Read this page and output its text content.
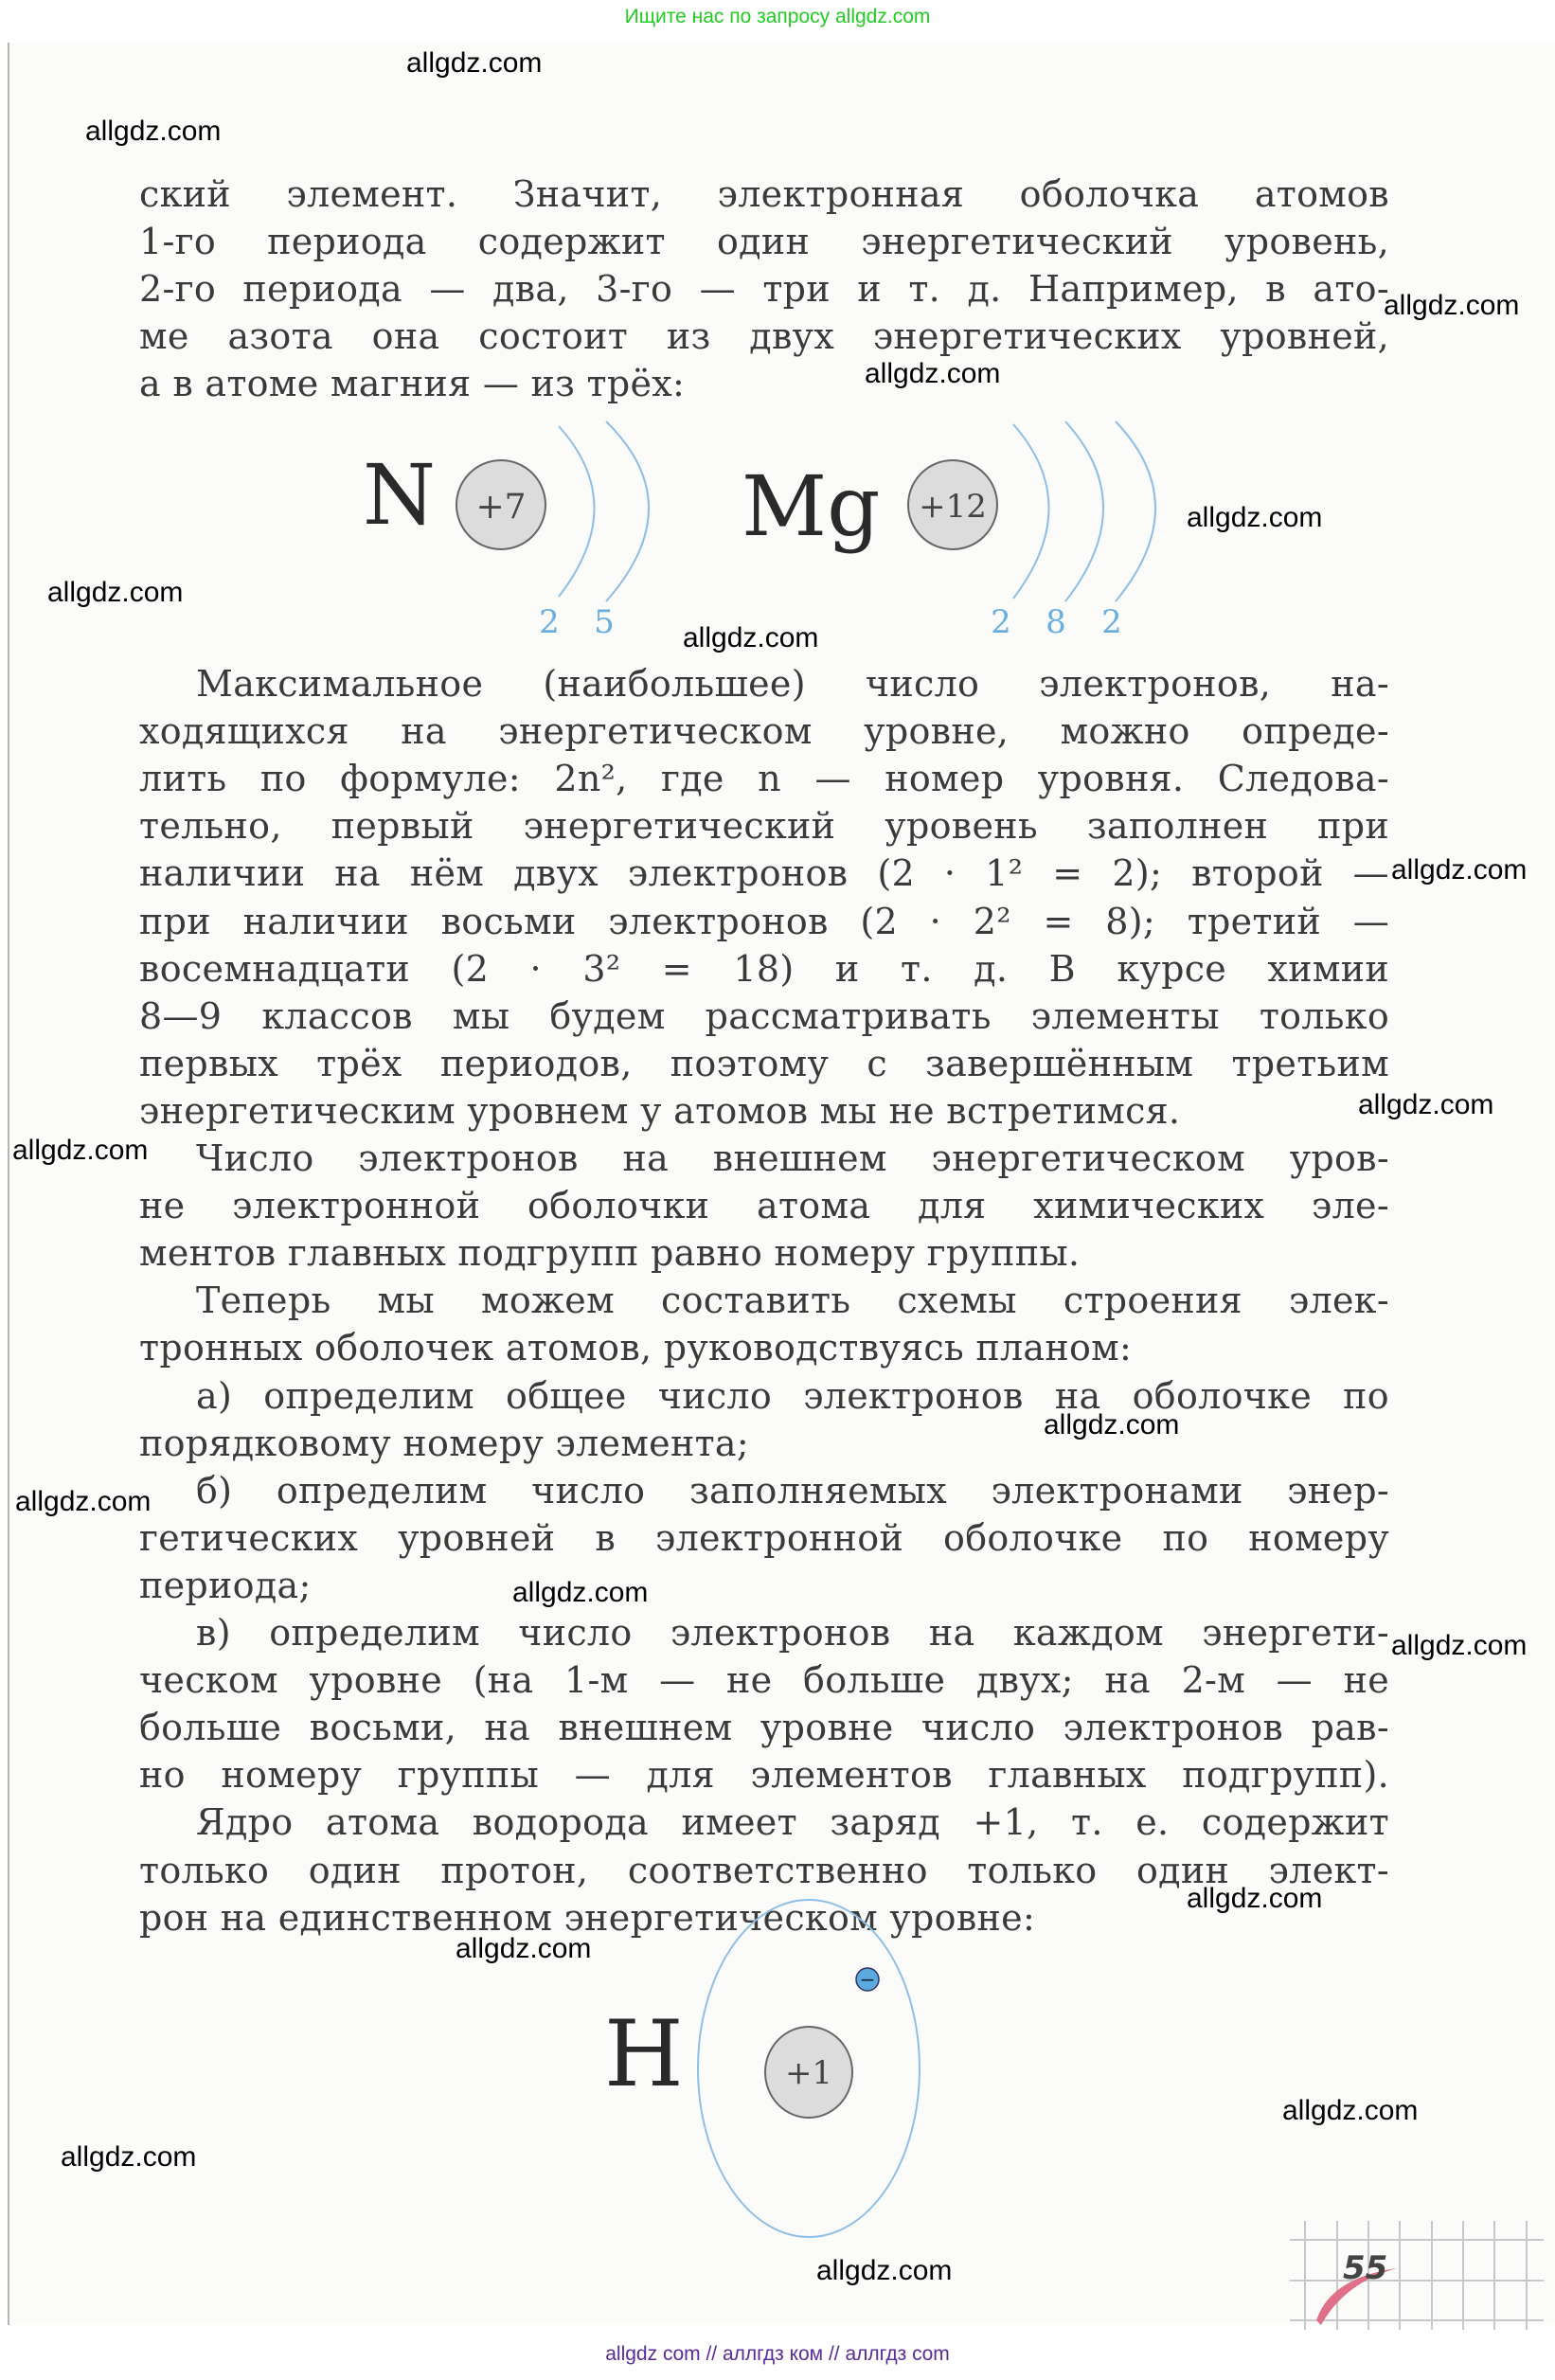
Ищите нас по запросу allgdz.com
ский элемент. Значит, электронная оболочка атомов
1-го периода содержит один энергетический уровень,
2-го периода — два, 3-го — три и т. д. Например, в ато-
ме азота она состоит из двух энергетических уровней,
а в атоме магния — из трёх:
Максимальное (наибольшее) число электронов, на-
ходящихся на энергетическом уровне, можно опреде-
лить по формуле: 2n², где n — номер уровня. Следова-
тельно, первый энергетический уровень заполнен при
наличии на нём двух электронов (2 · 1² = 2); второй —
при наличии восьми электронов (2 · 2² = 8); третий —
восемнадцати (2 · 3² = 18) и т. д. В курсе химии
8—9 классов мы будем рассматривать элементы только
первых трёх периодов, поэтому с завершённым третьим
энергетическим уровнем у атомов мы не встретимся.
Число электронов на внешнем энергетическом уров-
не электронной оболочки атома для химических эле-
ментов главных подгрупп равно номеру группы.
Теперь мы можем составить схемы строения элек-
тронных оболочек атомов, руководствуясь планом:
а) определим общее число электронов на оболочке по
порядковому номеру элемента;
б) определим число заполняемых электронами энер-
гетических уровней в электронной оболочке по номеру
периода;
в) определим число электронов на каждом энергети-
ческом уровне (на 1-м — не больше двух; на 2-м — не
больше восьми, на внешнем уровне число электронов рав-
но номеру группы — для элементов главных подгрупп).
Ядро атома водорода имеет заряд +1, т. е. содержит
только один протон, соответственно только один элект-
рон на единственном энергетическом уровне:
N +7
2 5
Mg +12
2 8 2
H	+1
−
55
allgdz.com
allgdz.com
allgdz.com
allgdz.com
allgdz.com
allgdz.com
allgdz.com
allgdz.com
allgdz.com
allgdz.com
allgdz.com
allgdz.com
allgdz.com
allgdz.com
allgdz.com
allgdz.com
allgdz.com
allgdz.com
allgdz.com
allgdz com // аллгдз ком // аллгдз com
